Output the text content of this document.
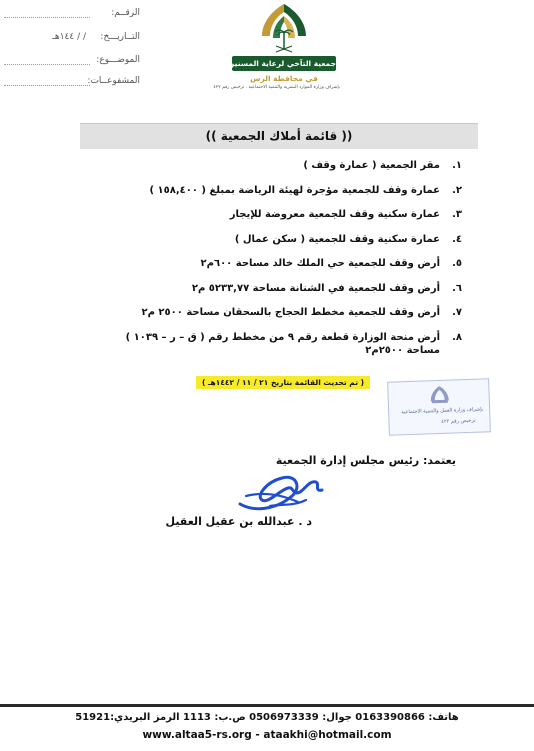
الرقــم:
التــاريـــخ:
/ / ١٤٤هـ
الموضـــوع:
المشفوعــات:
جمعية التآخي لرعاية المسنين
في محافظة الرس
بإشراف وزارة الموارد البشرية والتنمية الاجتماعية . ترخيص رقم ٤٢٢
(( قائمة أملاك الجمعية ))
١.
مقر الجمعية ( عمارة وقف )
٢.
عمارة وقف للجمعية مؤجرة لهيئة الرياضة بمبلغ ( ١٥٨,٤٠٠ )
٣.
عمارة سكنية وقف للجمعية معروضة للإيجار
٤.
عمارة سكنية وقف للجمعية ( سكن عمال )
٥.
أرض وقف للجمعية حي الملك خالد مساحة ٦٠٠م٢
٦.
أرض وقف للجمعية في الشنانة مساحة ٥٢٣٣,٧٧ م٢
٧.
أرض وقف للجمعية مخطط الحجاج بالسحقان مساحة ٢٥٠٠ م٢
٨.
أرض منحة الوزارة قطعة رقم ٩ من مخطط رقم ( ق – ر – ١٠٣٩ )
مساحة ٢٥٠٠م٢
( تم تحديث القائمة بتاريخ ٢١ / ١١ / ١٤٤٢هـ )
بإشراف وزارة العمل والتنمية الاجتماعية
ترخيص رقم ٤٢٢
يعتمد: رئيس مجلس إدارة الجمعية
د . عبدالله بن عقيل العقيل
هاتف: 0163390866 جوال: 0506973339 ص.ب: 1113 الرمز البريدي:51921
www.altaa5-rs.org - ataakhi@hotmail.com
